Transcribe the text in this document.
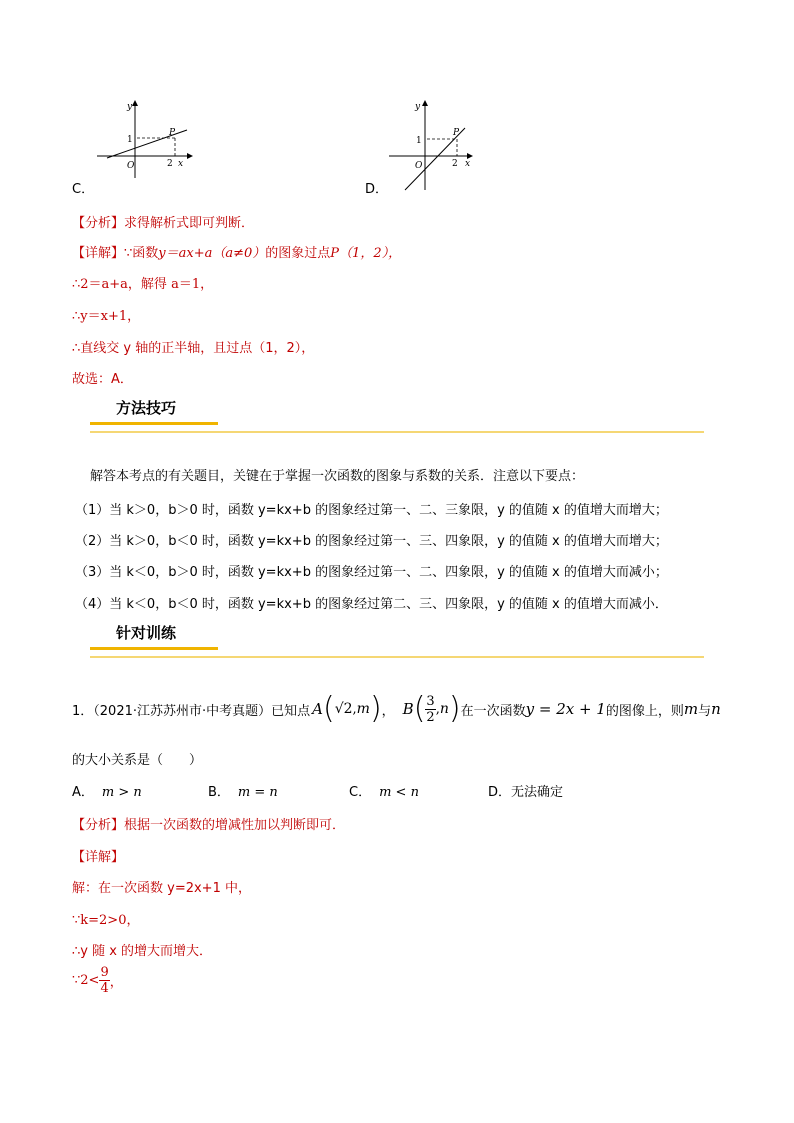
y
1
O	2 x
P
y
1
O	2 x
P
C．	D．
【分析】求得解析式即可判断．
【详解】∵函数y＝ax+a（a≠0）的图象过点P（1，2），
∴2＝a+a，解得 a＝1，
∴y＝x+1，
∴直线交 y 轴的正半轴，且过点（1，2），
故选：A．
方法技巧
解答本考点的有关题目，关键在于掌握一次函数的图象与系数的关系．注意以下要点：
（1）当 k＞0，b＞0 时，函数 y=kx+b 的图象经过第一、二、三象限，y 的值随 x 的值增大而增大；
（2）当 k＞0，b＜0 时，函数 y=kx+b 的图象经过第一、三、四象限，y 的值随 x 的值增大而增大；
（3）当 k＜0，b＞0 时，函数 y=kx+b 的图象经过第一、二、四象限，y 的值随 x 的值增大而减小；
（4）当 k＜0，b＜0 时，函数 y=kx+b 的图象经过第二、三、四象限，y 的值随 x 的值增大而减小．
针对训练
1．（2021·江苏苏州市·中考真题）已知点 A ( √2 , m ) ， B ( $\frac{3}{2}$ , n ) 在一次函数 y = 2x + 1 的图像上，则 m 与 n
的大小关系是（　　）
A． m > n	B． m = n	C． m < n	D．无法确定
【分析】根据一次函数的增减性加以判断即可．
【详解】
解：在一次函数 y=2x+1 中，
∵k=2>0，
∴y 随 x 的增大而增大．
∵2< $\frac{9}{4}$ ，
